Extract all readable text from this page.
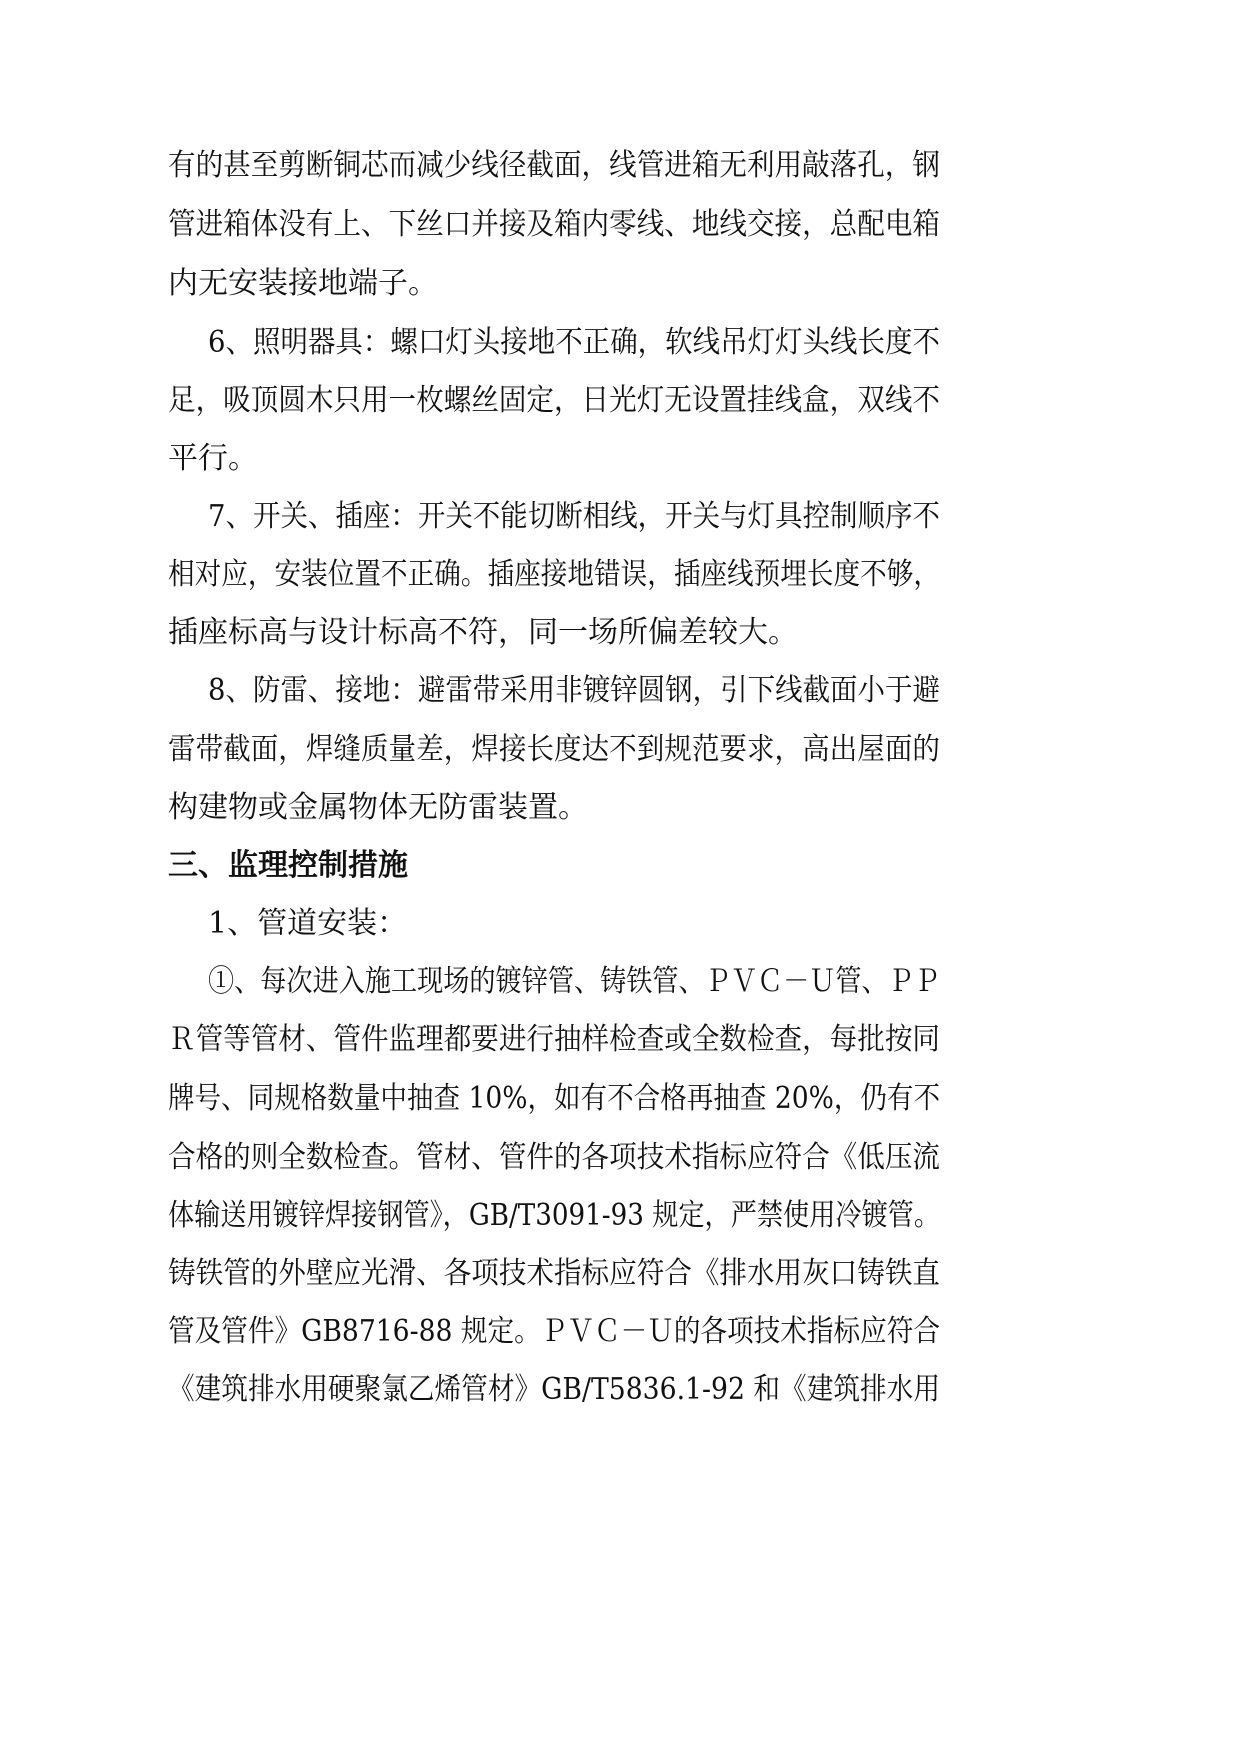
有的甚至剪断铜芯而减少线径截面，线管进箱无利用敲落孔，钢
管进箱体没有上、下丝口并接及箱内零线、地线交接，总配电箱
内无安装接地端子。
6、照明器具：螺口灯头接地不正确，软线吊灯灯头线长度不
足，吸顶圆木只用一枚螺丝固定，日光灯无设置挂线盒，双线不
平行。
7、开关、插座：开关不能切断相线，开关与灯具控制顺序不
相对应，安装位置不正确。插座接地错误，插座线预埋长度不够，
插座标高与设计标高不符，同一场所偏差较大。
8、防雷、接地：避雷带采用非镀锌圆钢，引下线截面小于避
雷带截面，焊缝质量差，焊接长度达不到规范要求，高出屋面的
构建物或金属物体无防雷装置。
三、监理控制措施
1、管道安装：
①、每次进入施工现场的镀锌管、铸铁管、ＰＶＣ－Ｕ管、ＰＰ
Ｒ管等管材、管件监理都要进行抽样检查或全数检查，每批按同
牌号、同规格数量中抽查 10%，如有不合格再抽查 20%，仍有不
合格的则全数检查。管材、管件的各项技术指标应符合《低压流
体输送用镀锌焊接钢管》，GB/T3091-93 规定，严禁使用冷镀管。
铸铁管的外壁应光滑、各项技术指标应符合《排水用灰口铸铁直
管及管件》GB8716-88 规定。ＰＶＣ－Ｕ的各项技术指标应符合
《建筑排水用硬聚氯乙烯管材》GB/T5836.1-92 和《建筑排水用
